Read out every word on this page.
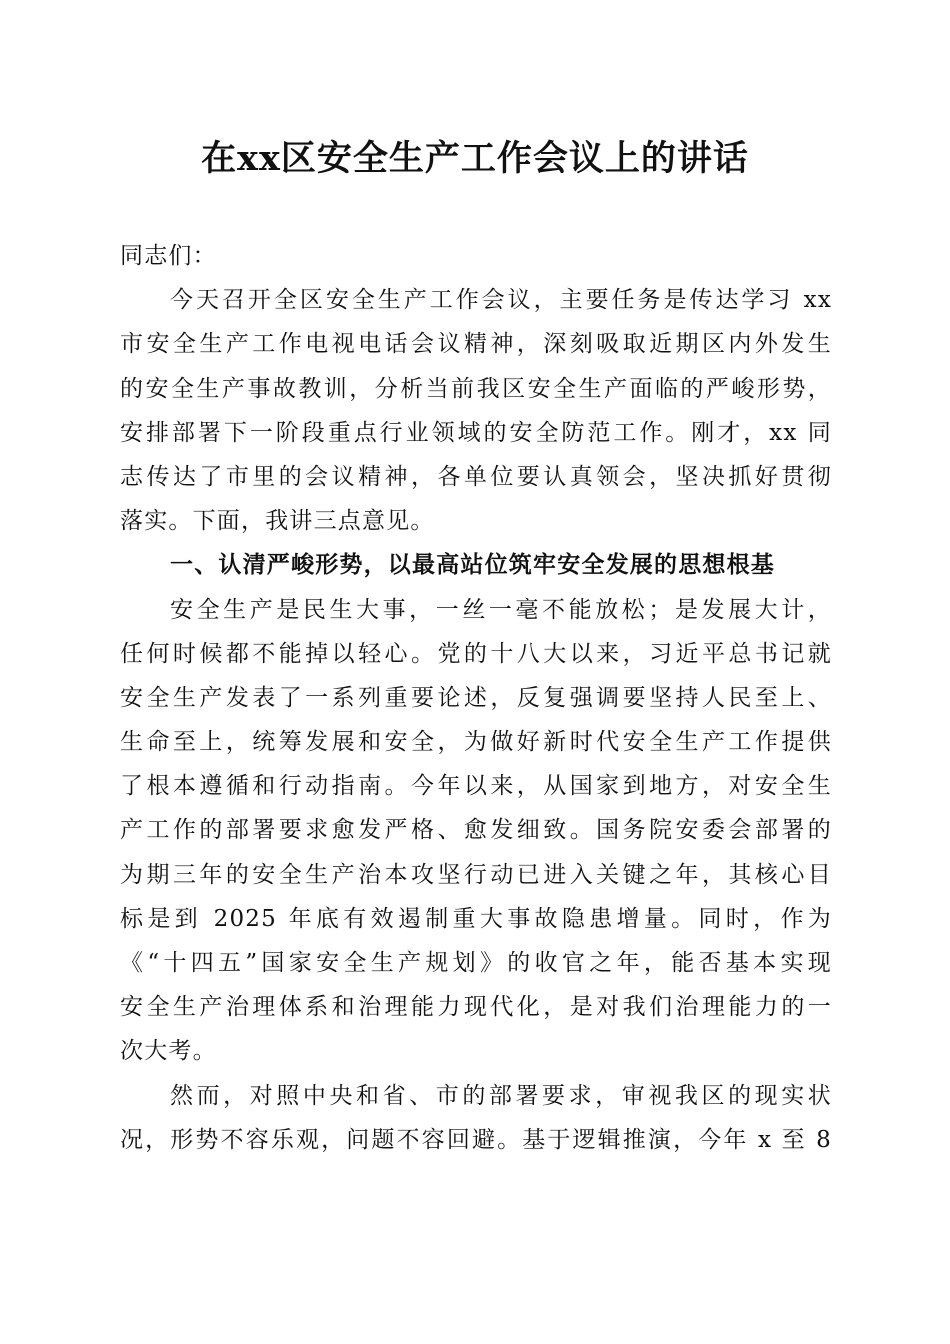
在xx区安全生产工作会议上的讲话
同志们：
今天召开全区安全生产工作会议，主要任务是传达学习 xx
市安全生产工作电视电话会议精神，深刻吸取近期区内外发生
的安全生产事故教训，分析当前我区安全生产面临的严峻形势，
安排部署下一阶段重点行业领域的安全防范工作。刚才，xx 同
志传达了市里的会议精神，各单位要认真领会，坚决抓好贯彻
落实。下面，我讲三点意见。
一、认清严峻形势，以最高站位筑牢安全发展的思想根基
安全生产是民生大事，一丝一毫不能放松；是发展大计，
任何时候都不能掉以轻心。党的十八大以来，习近平总书记就
安全生产发表了一系列重要论述，反复强调要坚持人民至上、
生命至上，统筹发展和安全，为做好新时代安全生产工作提供
了根本遵循和行动指南。今年以来，从国家到地方，对安全生
产工作的部署要求愈发严格、愈发细致。国务院安委会部署的
为期三年的安全生产治本攻坚行动已进入关键之年，其核心目
标是到 2025 年底有效遏制重大事故隐患增量。同时，作为
《“十四五”国家安全生产规划》的收官之年，能否基本实现
安全生产治理体系和治理能力现代化，是对我们治理能力的一
次大考。
然而，对照中央和省、市的部署要求，审视我区的现实状
况，形势不容乐观，问题不容回避。基于逻辑推演，今年 x 至 8
